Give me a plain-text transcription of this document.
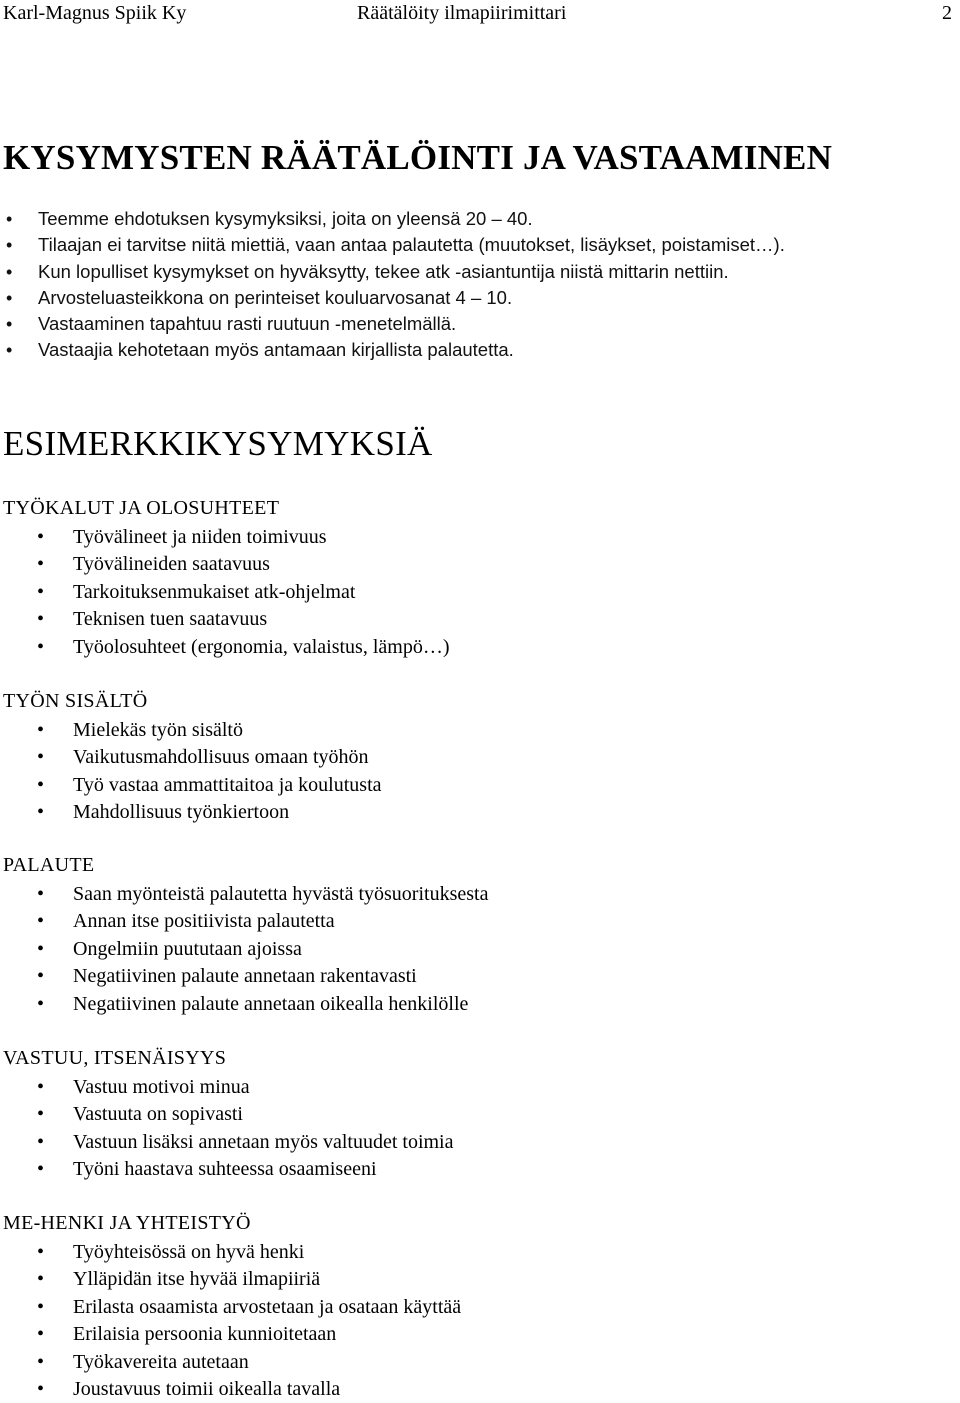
Karl-Magnus Spiik Ky	Räätälöity ilmapiirimittari	2
KYSYMYSTEN RÄÄTÄLÖINTI JA VASTAAMINEN
• Teemme ehdotuksen kysymyksiksi, joita on yleensä 20 – 40.
• Tilaajan ei tarvitse niitä miettiä, vaan antaa palautetta (muutokset, lisäykset, poistamiset…).
• Kun lopulliset kysymykset on hyväksytty, tekee atk -asiantuntija niistä mittarin nettiin.
• Arvosteluasteikkona on perinteiset kouluarvosanat 4 – 10.
• Vastaaminen tapahtuu rasti ruutuun -menetelmällä.
• Vastaajia kehotetaan myös antamaan kirjallista palautetta.
ESIMERKKIKYSYMYKSIÄ
TYÖKALUT JA OLOSUHTEET
• Työvälineet ja niiden toimivuus
• Työvälineiden saatavuus
• Tarkoituksenmukaiset atk-ohjelmat
• Teknisen tuen saatavuus
• Työolosuhteet (ergonomia, valaistus, lämpö…)
TYÖN SISÄLTÖ
• Mielekäs työn sisältö
• Vaikutusmahdollisuus omaan työhön
• Työ vastaa ammattitaitoa ja koulutusta
• Mahdollisuus työnkiertoon
PALAUTE
• Saan myönteistä palautetta hyvästä työsuorituksesta
• Annan itse positiivista palautetta
• Ongelmiin puututaan ajoissa
• Negatiivinen palaute annetaan rakentavasti
• Negatiivinen palaute annetaan oikealla henkilölle
VASTUU, ITSENÄISYYS
• Vastuu motivoi minua
• Vastuuta on sopivasti
• Vastuun lisäksi annetaan myös valtuudet toimia
• Työni haastava suhteessa osaamiseeni
ME-HENKI JA YHTEISTYÖ
• Työyhteisössä on hyvä henki
• Ylläpidän itse hyvää ilmapiiriä
• Erilasta osaamista arvostetaan ja osataan käyttää
• Erilaisia persoonia kunnioitetaan
• Työkavereita autetaan
• Joustavuus toimii oikealla tavalla
